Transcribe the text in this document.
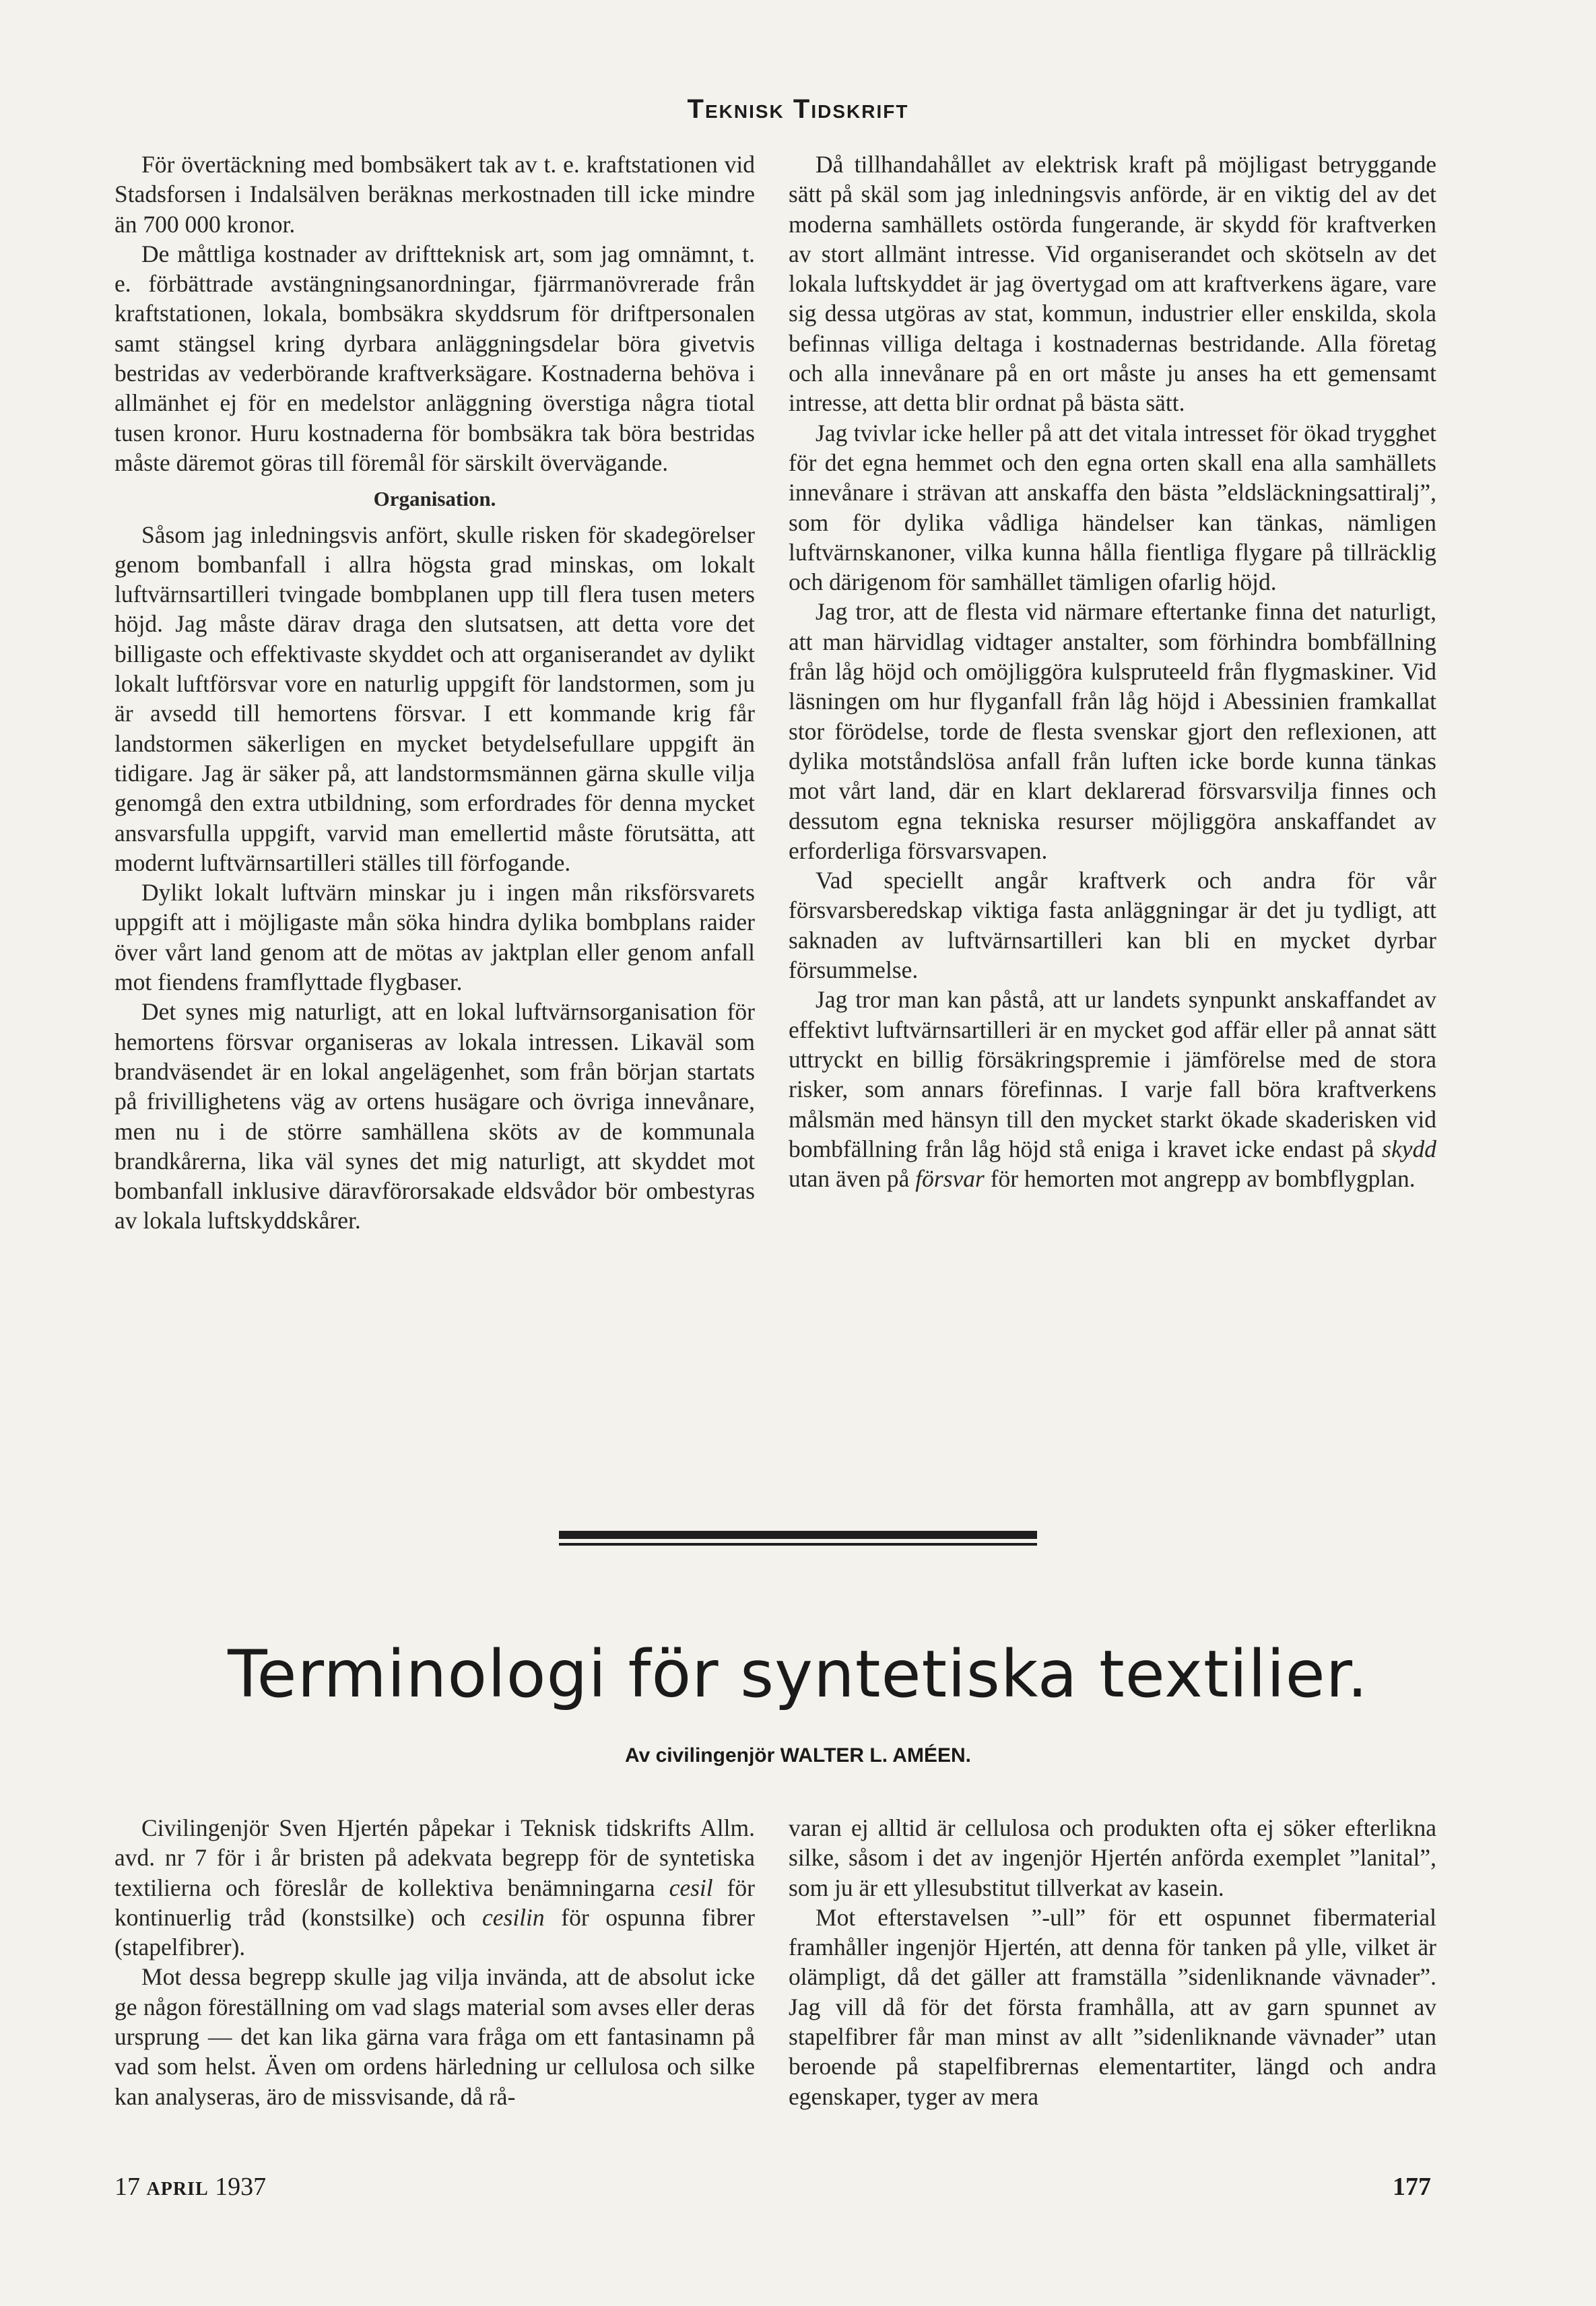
Teknisk Tidskrift

För övertäckning med bombsäkert tak av t. e. kraftstationen vid Stadsforsen i Indalsälven beräknas merkostnaden till icke mindre än 700 000 kronor.

De måttliga kostnader av driftteknisk art, som jag omnämnt, t. e. förbättrade avstängningsanordningar, fjärrmanövrerade från kraftstationen, lokala, bombsäkra skyddsrum för driftpersonalen samt stängsel kring dyrbara anläggningsdelar böra givetvis bestridas av vederbörande kraftverksägare. Kostnaderna behöva i allmänhet ej för en medelstor anläggning överstiga några tiotal tusen kronor. Huru kostnaderna för bombsäkra tak böra bestridas måste däremot göras till föremål för särskilt övervägande.

Organisation.

Såsom jag inledningsvis anfört, skulle risken för skadegörelser genom bombanfall i allra högsta grad minskas, om lokalt luftvärnsartilleri tvingade bombplanen upp till flera tusen meters höjd. Jag måste därav draga den slutsatsen, att detta vore det billigaste och effektivaste skyddet och att organiserandet av dylikt lokalt luftförsvar vore en naturlig uppgift för landstormen, som ju är avsedd till hemortens försvar. I ett kommande krig får landstormen säkerligen en mycket betydelsefullare uppgift än tidigare. Jag är säker på, att landstormsmännen gärna skulle vilja genomgå den extra utbildning, som erfordrades för denna mycket ansvarsfulla uppgift, varvid man emellertid måste förutsätta, att modernt luftvärnsartilleri ställes till förfogande.

Dylikt lokalt luftvärn minskar ju i ingen mån riksförsvarets uppgift att i möjligaste mån söka hindra dylika bombplans raider över vårt land genom att de mötas av jaktplan eller genom anfall mot fiendens framflyttade flygbaser.

Det synes mig naturligt, att en lokal luftvärnsorganisation för hemortens försvar organiseras av lokala intressen. Likaväl som brandväsendet är en lokal angelägenhet, som från början startats på frivillighetens väg av ortens husägare och övriga innevånare, men nu i de större samhällena sköts av de kommunala brandkårerna, lika väl synes det mig naturligt, att skyddet mot bombanfall inklusive däravförorsakade eldsvådor bör ombestyras av lokala luftskyddskårer.

Då tillhandahållet av elektrisk kraft på möjligast betryggande sätt på skäl som jag inledningsvis anförde, är en viktig del av det moderna samhällets ostörda fungerande, är skydd för kraftverken av stort allmänt intresse. Vid organiserandet och skötseln av det lokala luftskyddet är jag övertygad om att kraftverkens ägare, vare sig dessa utgöras av stat, kommun, industrier eller enskilda, skola befinnas villiga deltaga i kostnadernas bestridande. Alla företag och alla innevånare på en ort måste ju anses ha ett gemensamt intresse, att detta blir ordnat på bästa sätt.

Jag tvivlar icke heller på att det vitala intresset för ökad trygghet för det egna hemmet och den egna orten skall ena alla samhällets innevånare i strävan att anskaffa den bästa ”eldsläckningsattiralj”, som för dylika vådliga händelser kan tänkas, nämligen luftvärnskanoner, vilka kunna hålla fientliga flygare på tillräcklig och därigenom för samhället tämligen ofarlig höjd.

Jag tror, att de flesta vid närmare eftertanke finna det naturligt, att man härvidlag vidtager anstalter, som förhindra bombfällning från låg höjd och omöjliggöra kulspruteeld från flygmaskiner. Vid läsningen om hur flyganfall från låg höjd i Abessinien framkallat stor förödelse, torde de flesta svenskar gjort den reflexionen, att dylika motståndslösa anfall från luften icke borde kunna tänkas mot vårt land, där en klart deklarerad försvarsvilja finnes och dessutom egna tekniska resurser möjliggöra anskaffandet av erforderliga försvarsvapen.

Vad speciellt angår kraftverk och andra för vår försvarsberedskap viktiga fasta anläggningar är det ju tydligt, att saknaden av luftvärnsartilleri kan bli en mycket dyrbar försummelse.

Jag tror man kan påstå, att ur landets synpunkt anskaffandet av effektivt luftvärnsartilleri är en mycket god affär eller på annat sätt uttryckt en billig försäkringspremie i jämförelse med de stora risker, som annars förefinnas. I varje fall böra kraftverkens målsmän med hänsyn till den mycket starkt ökade skaderisken vid bombfällning från låg höjd stå eniga i kravet icke endast på skydd utan även på försvar för hemorten mot angrepp av bombflygplan.

Terminologi för syntetiska textilier.
Av civilingenjör WALTER L. AMÉEN.

Civilingenjör Sven Hjertén påpekar i Teknisk tidskrifts Allm. avd. nr 7 för i år bristen på adekvata begrepp för de syntetiska textilierna och föreslår de kollektiva benämningarna cesil för kontinuerlig tråd (konstsilke) och cesilin för ospunna fibrer (stapelfibrer).

Mot dessa begrepp skulle jag vilja invända, att de absolut icke ge någon föreställning om vad slags material som avses eller deras ursprung — det kan lika gärna vara fråga om ett fantasinamn på vad som helst. Även om ordens härledning ur cellulosa och silke kan analyseras, äro de missvisande, då rå-

varan ej alltid är cellulosa och produkten ofta ej söker efterlikna silke, såsom i det av ingenjör Hjertén anförda exemplet ”lanital”, som ju är ett yllesubstitut tillverkat av kasein.

Mot efterstavelsen ”-ull” för ett ospunnet fibermaterial framhåller ingenjör Hjertén, att denna för tanken på ylle, vilket är olämpligt, då det gäller att framställa ”sidenliknande vävnader”. Jag vill då för det första framhålla, att av garn spunnet av stapelfibrer får man minst av allt ”sidenliknande vävnader” utan beroende på stapelfibrernas elementartiter, längd och andra egenskaper, tyger av mera

17 APRIL 1937	177
